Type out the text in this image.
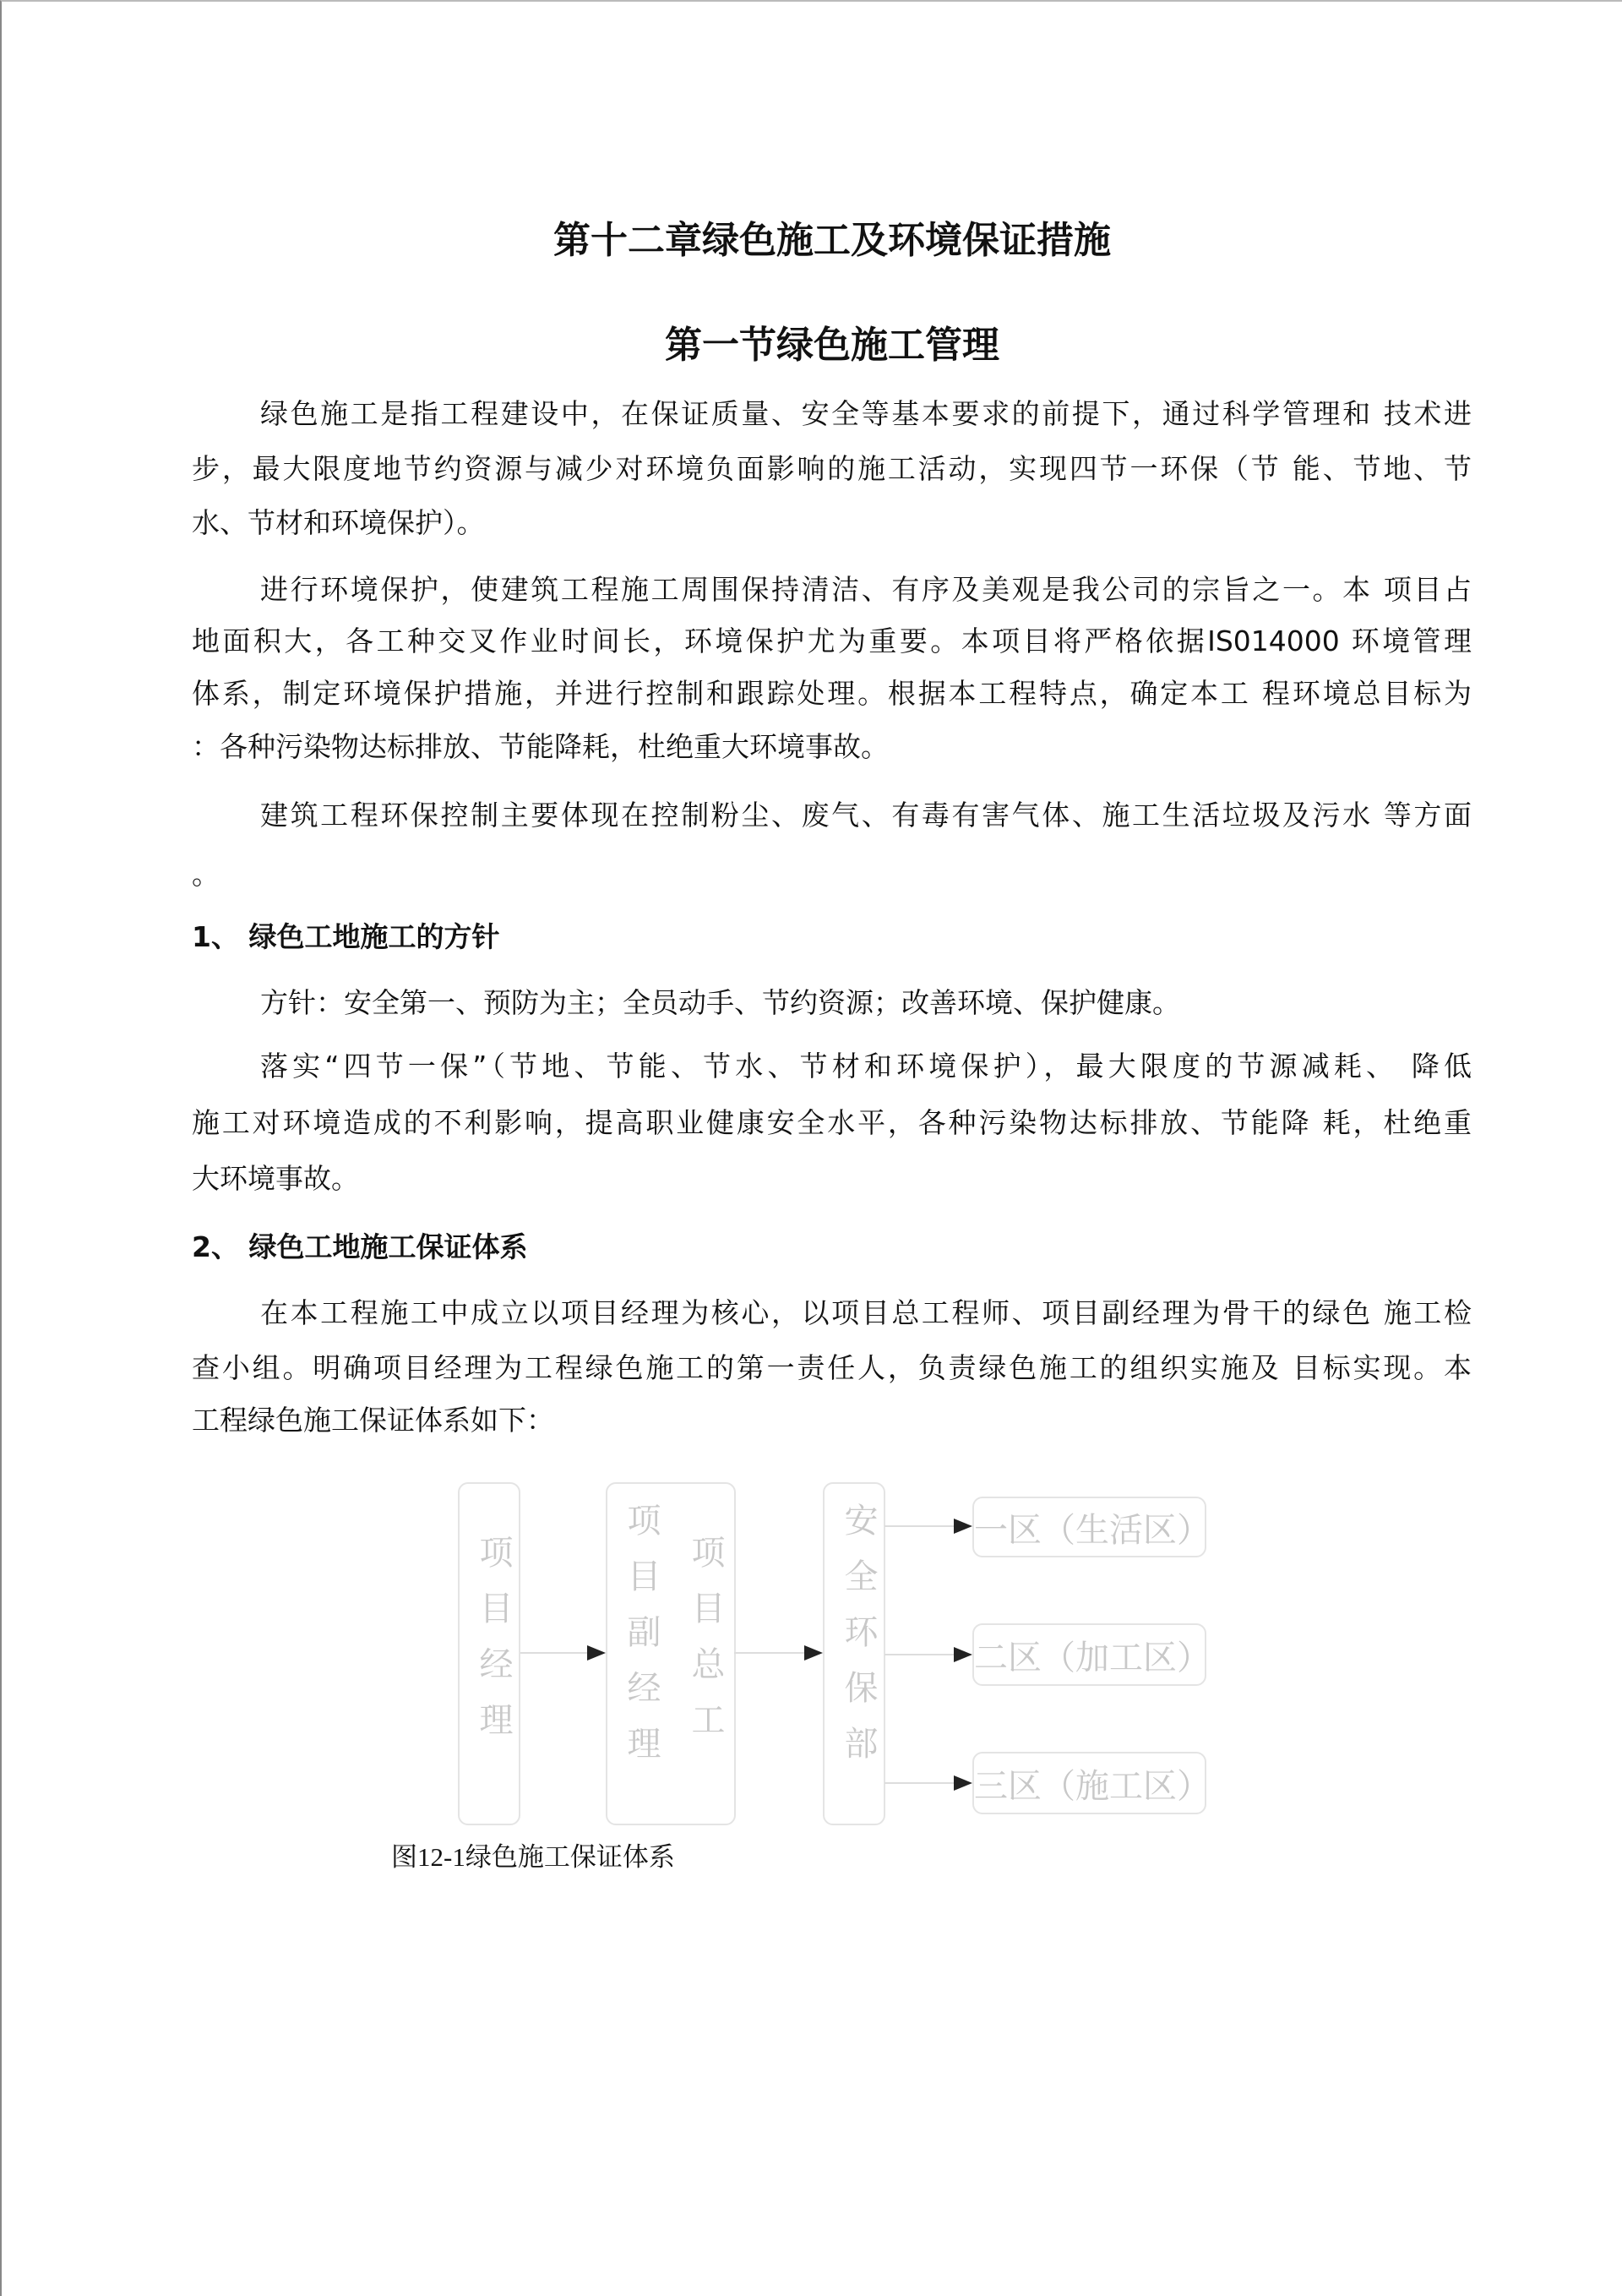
第十二章绿色施工及环境保证措施
第一节绿色施工管理
绿色施工是指工程建设中，在保证质量、安全等基本要求的前提下，通过科学管理和 技术进
步，最大限度地节约资源与减少对环境负面影响的施工活动，实现四节一环保（节 能、节地、节
水、节材和环境保护）。
进行环境保护，使建筑工程施工周围保持清洁、有序及美观是我公司的宗旨之一。本 项目占
地面积大，各工种交叉作业时间长，环境保护尤为重要。本项目将严格依据IS014000 环境管理
体系，制定环境保护措施，并进行控制和跟踪处理。根据本工程特点，确定本工 程环境总目标为
：各种污染物达标排放、节能降耗，杜绝重大环境事故。
建筑工程环保控制主要体现在控制粉尘、废气、有毒有害气体、施工生活垃圾及污水 等方面
。
1、 绿色工地施工的方针
方针：安全第一、预防为主；全员动手、节约资源；改善环境、保护健康。
落实“四节一保”（节地、节能、节水、节材和环境保护），最大限度的节源减耗、 降低
施工对环境造成的不利影响，提高职业健康安全水平，各种污染物达标排放、节能降 耗，杜绝重
大环境事故。
2、 绿色工地施工保证体系
在本工程施工中成立以项目经理为核心，以项目总工程师、项目副经理为骨干的绿色 施工检
查小组。明确项目经理为工程绿色施工的第一责任人，负责绿色施工的组织实施及 目标实现。本
工程绿色施工保证体系如下：
项目经理	项目副经理 项目总工	安全环保部	一区（生活区）
二区（加工区）
三区（施工区）
图12-1绿色施工保证体系
